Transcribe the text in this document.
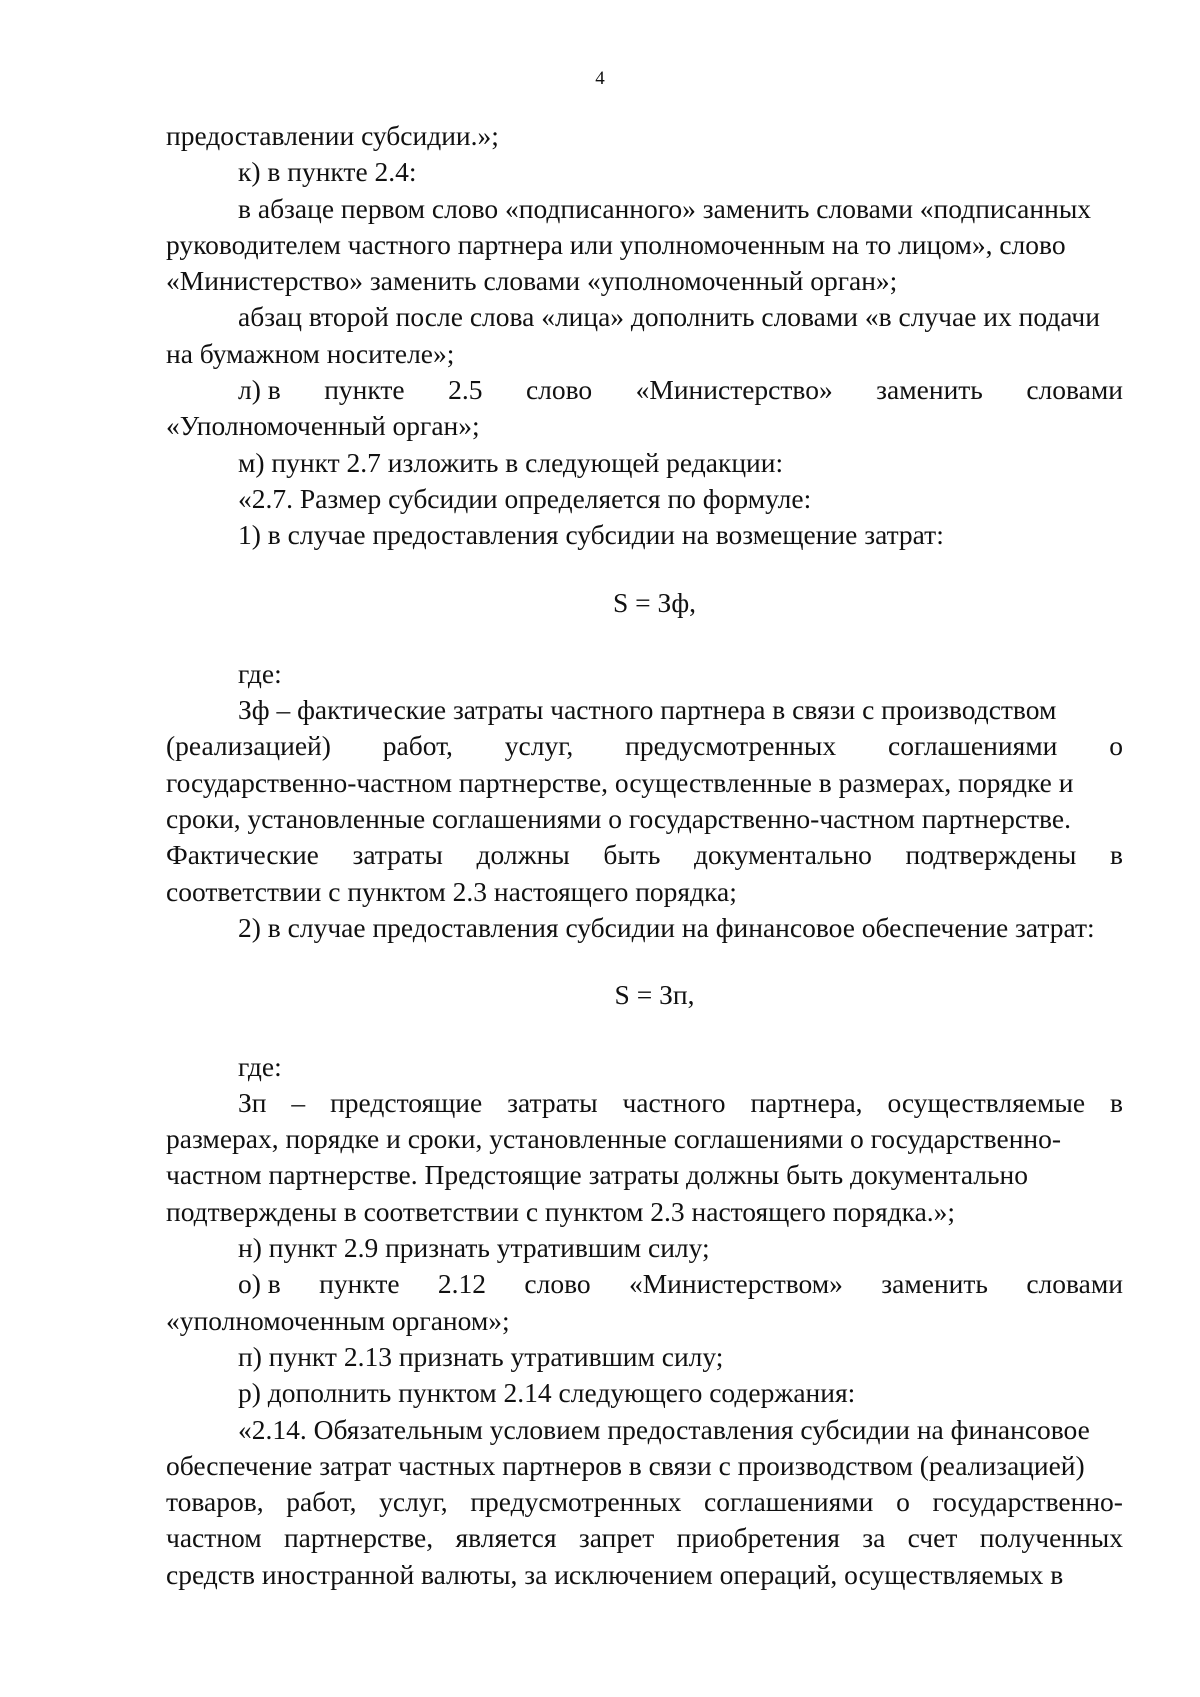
4
предоставлении субсидии.»;
к) в пункте 2.4:
в абзаце первом слово «подписанного» заменить словами «подписанных
руководителем частного партнера или уполномоченным на то лицом», слово
«Министерство» заменить словами «уполномоченный орган»;
абзац второй после слова «лица» дополнить словами «в случае их подачи
на бумажном носителе»;
л) в пункте 2.5 слово «Министерство» заменить словами
«Уполномоченный орган»;
м) пункт 2.7 изложить в следующей редакции:
«2.7. Размер субсидии определяется по формуле:
1) в случае предоставления субсидии на возмещение затрат:
S = Зф,
где:
Зф – фактические затраты частного партнера в связи с производством
(реализацией) работ, услуг, предусмотренных соглашениями о
государственно-частном партнерстве, осуществленные в размерах, порядке и
сроки, установленные соглашениями о государственно-частном партнерстве.
Фактические затраты должны быть документально подтверждены в
соответствии с пунктом 2.3 настоящего порядка;
2) в случае предоставления субсидии на финансовое обеспечение затрат:
S = Зп,
где:
Зп – предстоящие затраты частного партнера, осуществляемые в
размерах, порядке и сроки, установленные соглашениями о государственно-
частном партнерстве. Предстоящие затраты должны быть документально
подтверждены в соответствии с пунктом 2.3 настоящего порядка.»;
н) пункт 2.9 признать утратившим силу;
о) в пункте 2.12 слово «Министерством» заменить словами
«уполномоченным органом»;
п) пункт 2.13 признать утратившим силу;
р) дополнить пунктом 2.14 следующего содержания:
«2.14. Обязательным условием предоставления субсидии на финансовое
обеспечение затрат частных партнеров в связи с производством (реализацией)
товаров, работ, услуг, предусмотренных соглашениями о государственно-
частном партнерстве, является запрет приобретения за счет полученных
средств иностранной валюты, за исключением операций, осуществляемых в
